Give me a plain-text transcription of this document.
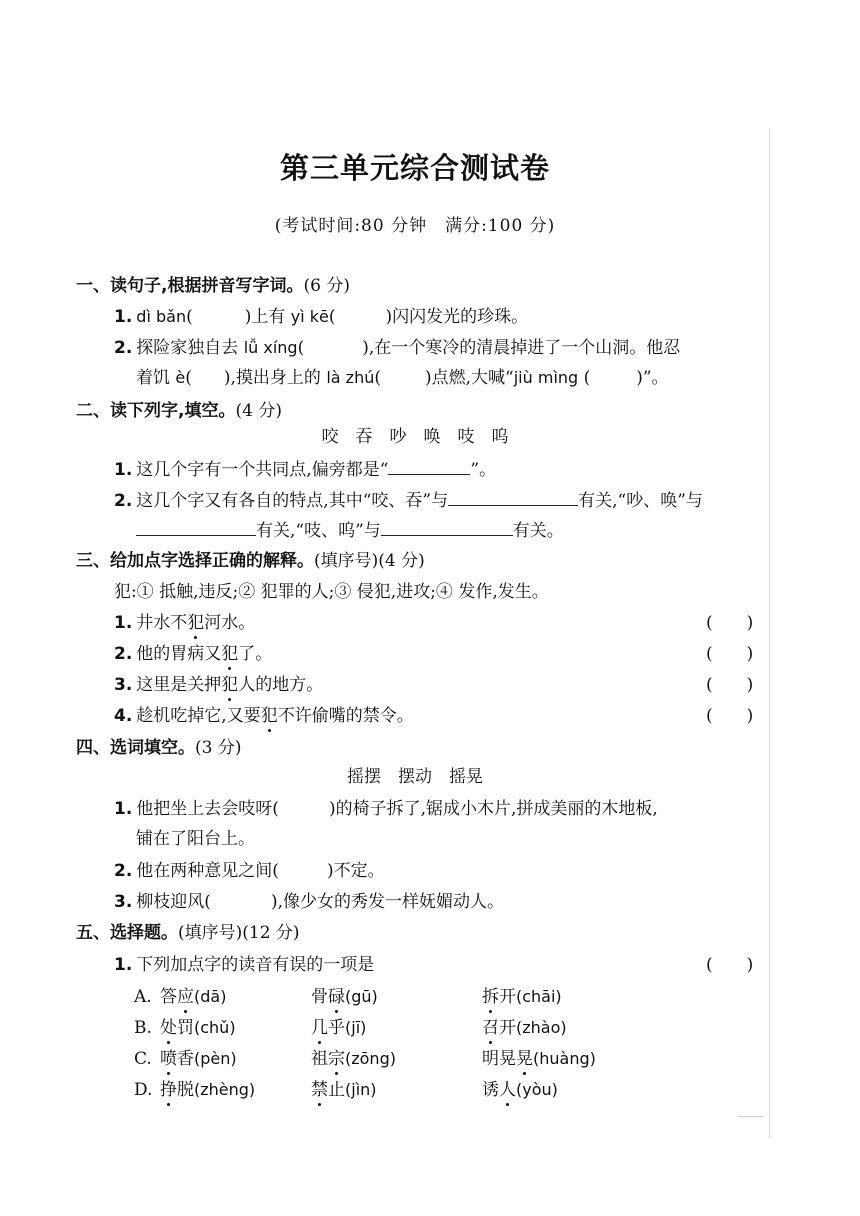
第三单元综合测试卷
(考试时间:80 分钟　满分:100 分)
一、读句子,根据拼音写字词。(6 分)
1. dì bǎn(	)上有 yì kē(	)闪闪发光的珍珠。
2. 探险家独自去 lǚ xíng(	),在一个寒冷的清晨掉进了一个山洞。他忍
着饥 è( ),摸出身上的 là zhú(	)点燃,大喊“jiù mìng (	)”。
二、读下列字,填空。(4 分)
咬　吞　吵　唤　吱　呜
1. 这几个字有一个共同点,偏旁都是“	”。
2. 这几个字又有各自的特点,其中“咬、吞”与	有关,“吵、唤”与
有关,“吱、呜”与	有关。
三、给加点字选择正确的解释。(填序号)(4 分)
犯:① 抵触,违反;② 犯罪的人;③ 侵犯,进攻;④ 发作,发生。
1. 井水不犯河水。	(　　)
2. 他的胃病又犯了。	(　　)
3. 这里是关押犯人的地方。	(　　)
4. 趁机吃掉它,又要犯不许偷嘴的禁令。	(　　)
四、选词填空。(3 分)
摇摆　摆动　摇晃
1. 他把坐上去会吱呀(	)的椅子拆了,锯成小木片,拼成美丽的木地板,
铺在了阳台上。
2. 他在两种意见之间(	)不定。
3. 柳枝迎风(	),像少女的秀发一样妩媚动人。
五、选择题。(填序号)(12 分)
1. 下列加点字的读音有误的一项是	(　　)
A. 答应(dā)	骨碌(gū)	拆开(chāi)
B. 处罚(chǔ)	几乎(jī)	召开(zhào)
C. 喷香(pèn)	祖宗(zōng)	明晃晃(huàng)
D. 挣脱(zhèng)	禁止(jìn)	诱人(yòu)
